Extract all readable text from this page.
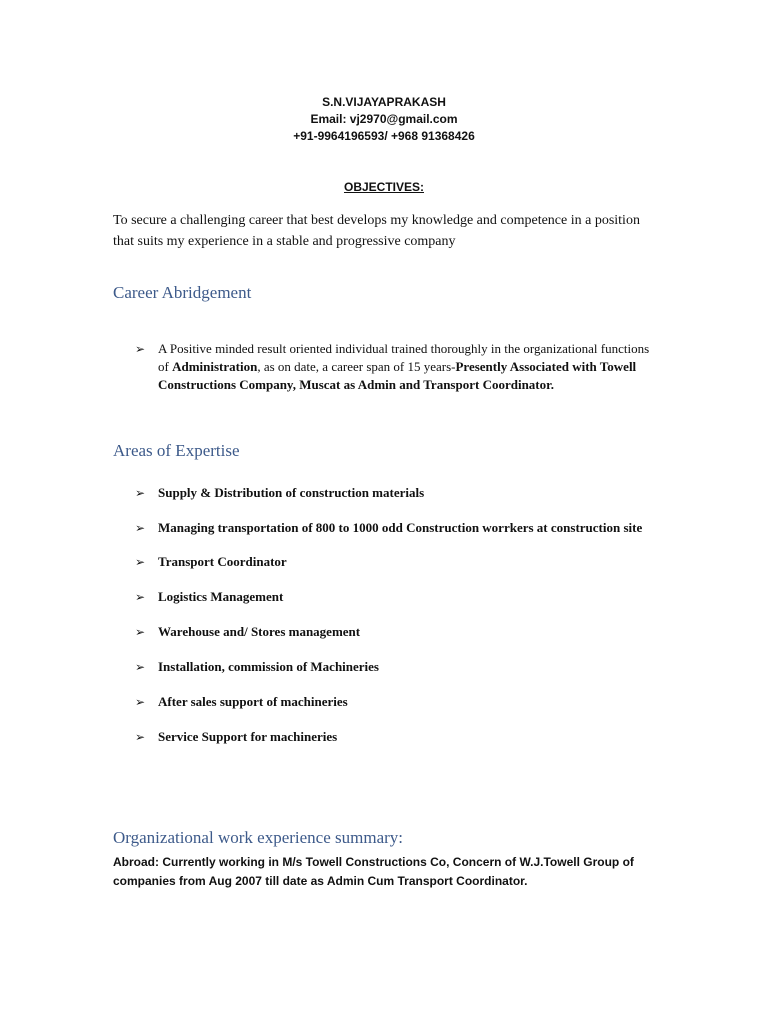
S.N.VIJAYAPRAKASH
Email: vj2970@gmail.com
+91-9964196593/ +968 91368426
OBJECTIVES:
To secure a challenging career that best develops my knowledge and competence in a position that suits my experience in a stable and progressive company
Career Abridgement
➢ A Positive minded result oriented individual trained thoroughly in the organizational functions of Administration, as on date, a career span of 15 years-Presently Associated with Towell Constructions Company, Muscat as Admin and Transport Coordinator.
Areas of Expertise
➢ Supply & Distribution of construction materials
➢ Managing transportation of 800 to 1000 odd Construction worrkers at construction site
➢ Transport Coordinator
➢ Logistics Management
➢ Warehouse and/ Stores management
➢ Installation, commission of Machineries
➢ After sales support of machineries
➢ Service Support for machineries
Organizational work experience summary:
Abroad: Currently working in M/s Towell Constructions Co, Concern of W.J.Towell Group of companies from Aug 2007 till date as Admin Cum Transport Coordinator.
